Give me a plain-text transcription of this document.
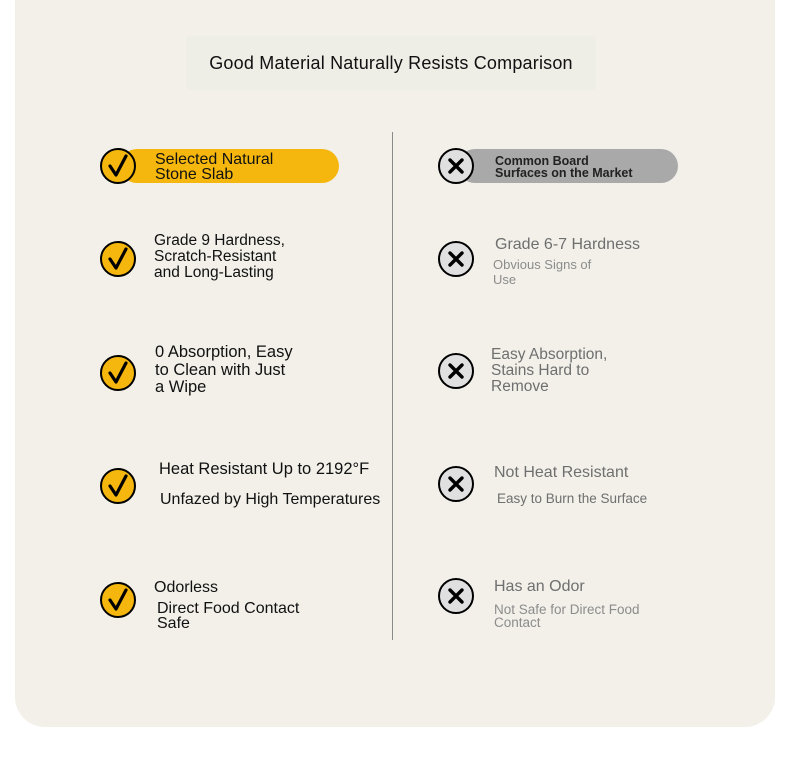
Good Material Naturally Resists Comparison
Selected Natural
Stone Slab
Common Board
Surfaces on the Market
Grade 9 Hardness,
Scratch-Resistant
and Long-Lasting
0 Absorption, Easy
to Clean with Just
a Wipe
Heat Resistant Up to 2192°F
Unfazed by High Temperatures
Odorless
Direct Food Contact
Safe
Grade 6-7 Hardness
Obvious Signs of
Use
Easy Absorption,
Stains Hard to
Remove
Not Heat Resistant
Easy to Burn the Surface
Has an Odor
Not Safe for Direct Food
Contact
